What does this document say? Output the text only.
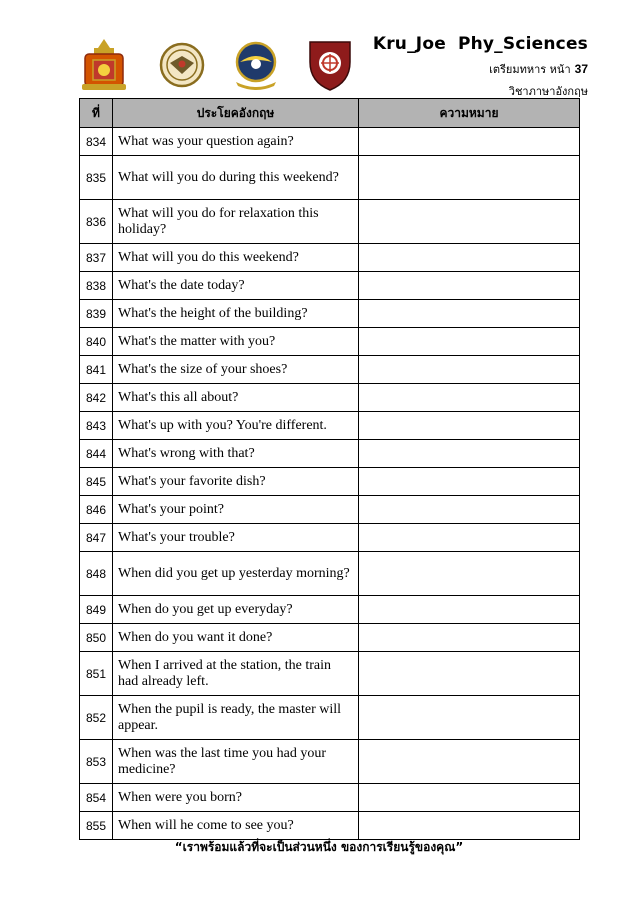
Kru_Joe Phy_Sciences
เตรียมทหาร หน้า 37
วิชาภาษาอังกฤษ
ที่	ประโยคอังกฤษ	ความหมาย
834	What was your question again?	
835	What will you do during this weekend?	
836	What will you do for relaxation this holiday?	
837	What will you do this weekend?	
838	What's the date today?	
839	What's the height of the building?	
840	What's the matter with you?	
841	What's the size of your shoes?	
842	What's this all about?	
843	What's up with you? You're different.	
844	What's wrong with that?	
845	What's your favorite dish?	
846	What's your point?	
847	What's your trouble?	
848	When did you get up yesterday morning?	
849	When do you get up everyday?	
850	When do you want it done?	
851	When I arrived at the station, the train had already left.	
852	When the pupil is ready, the master will appear.	
853	When was the last time you had your medicine?	
854	When were you born?	
855	When will he come to see you?	
“เราพร้อมแล้วที่จะเป็นส่วนหนึ่ง ของการเรียนรู้ของคุณ”
